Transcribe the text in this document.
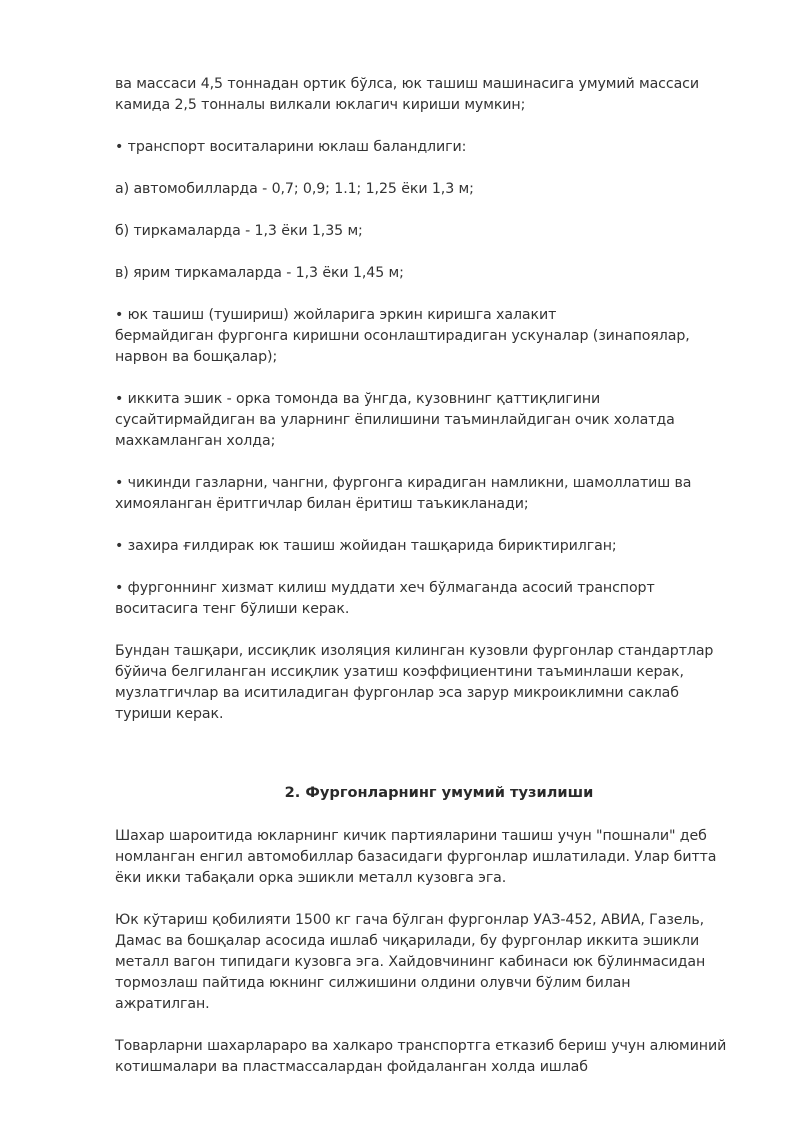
ва массаси 4,5 тоннадан ортик бўлса, юк ташиш машинасига умумий массаси
камида 2,5 тонналы вилкали юклагич кириши мумкин;

• транспорт воситаларини юклаш баландлиги:

а) автомобилларда - 0,7; 0,9; 1.1; 1,25 ёки 1,3 м;

б) тиркамаларда - 1,3 ёки 1,35 м;

в) ярим тиркамаларда - 1,3 ёки 1,45 м;

• юк ташиш (тушириш) жойларига эркин киришга халакит
бермайдиган фургонга киришни осонлаштирадиган ускуналар (зинапоялар,
нарвон ва бошқалар);

• иккита эшик - орка томонда ва ўнгда, кузовнинг қаттиқлигини
сусайтирмайдиган ва уларнинг ёпилишини таъминлайдиган очик холатда
махкамланган холда;

• чикинди газларни, чангни, фургонга кирадиган намликни, шамоллатиш ва
химояланган ёритгичлар билан ёритиш таъкикланади;

• захира ғилдирак юк ташиш жойидан ташқарида бириктирилган;

• фургоннинг хизмат килиш муддати хеч бўлмаганда асосий транспорт
воситасига тенг бўлиши керак.

Бундан ташқари, иссиқлик изоляция килинган кузовли фургонлар стандартлар
бўйича белгиланган иссиқлик узатиш коэффициентини таъминлаши керак,
музлатгичлар ва иситиладиган фургонлар эса зарур микроиклимни саклаб
туриши керак.

2. Фургонларнинг умумий тузилиши

Шахар шароитида юкларнинг кичик партияларини ташиш учун "пошнали" деб
номланган енгил автомобиллар базасидаги фургонлар ишлатилади. Улар битта
ёки икки табақали орка эшикли металл кузовга эга.

Юк кўтариш қобилияти 1500 кг гача бўлган фургонлар УАЗ-452, АВИА, Газель,
Дамас ва бошқалар асосида ишлаб чиқарилади, бу фургонлар иккита эшикли
металл вагон типидаги кузовга эга. Хайдовчининг кабинаси юк бўлинмасидан
тормозлаш пайтида юкнинг силжишини олдини олувчи бўлим билан
ажратилган.

Товарларни шахарлараро ва халкаро транспортга етказиб бериш учун алюминий
котишмалари ва пластмассалардан фойдаланган холда ишлаб
